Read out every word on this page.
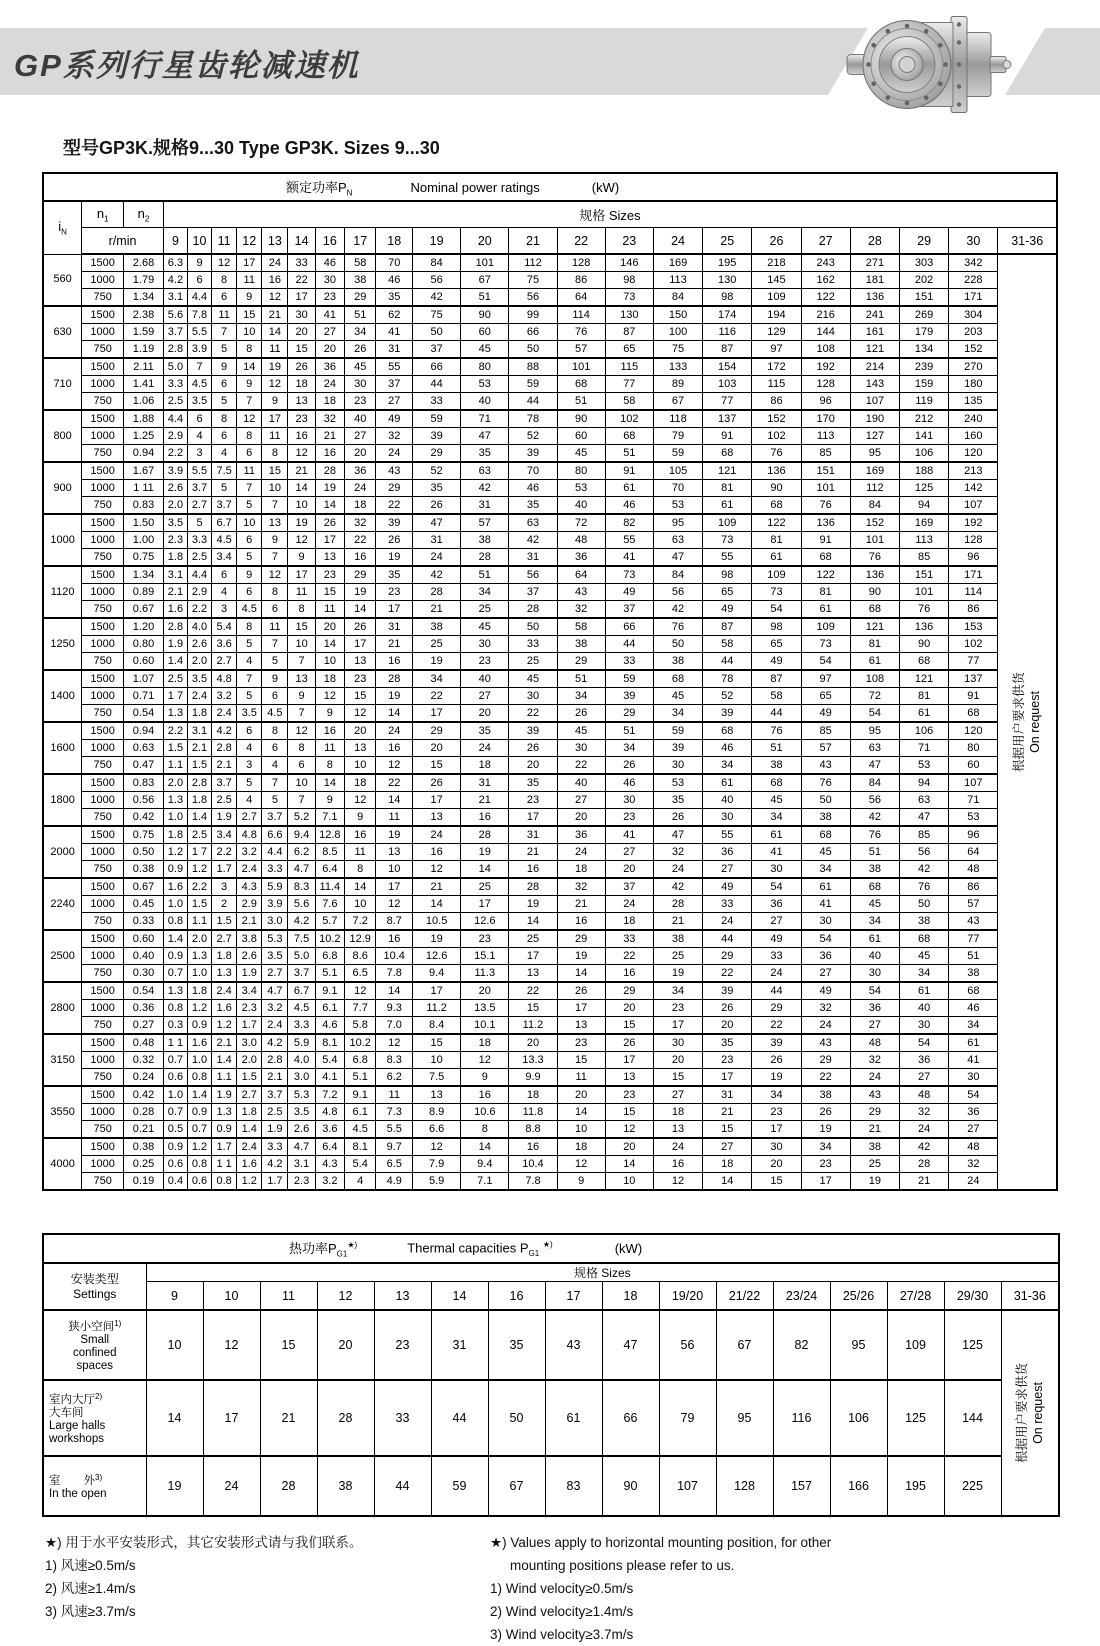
GP系列行星齿轮减速机
型号GP3K.规格9...30 Type GP3K. Sizes 9...30
额定功率$P_N$ Nominal power ratings (kW)																								

$i_N$	$n_1$	$n_2$	规格 Sizes																					
	r/min		9	10	11	12	13	14	16	17	18	19	20	21	22	23	24	25	26	27	28	29	30	31-36
560	1500	2.68	6.3	9	12	17	24	33	46	58	70	84	101	112	128	146	169	195	218	243	271	303	342	根据用户要求供货 On request

	1000	1.79	4.2	6	8	11	16	22	30	38	46	56	67	75	86	98	113	130	145	162	181	202	228	
	750	1.34	3.1	4.4	6	9	12	17	23	29	35	42	51	56	64	73	84	98	109	122	136	151	171	
630	1500	2.38	5.6	7.8	11	15	21	30	41	51	62	75	90	99	114	130	150	174	194	216	241	269	304	
	1000	1.59	3.7	5.5	7	10	14	20	27	34	41	50	60	66	76	87	100	116	129	144	161	179	203	
	750	1.19	2.8	3.9	5	8	11	15	20	26	31	37	45	50	57	65	75	87	97	108	121	134	152	
710	1500	2.11	5.0	7	9	14	19	26	36	45	55	66	80	88	101	115	133	154	172	192	214	239	270	
	1000	1.41	3.3	4.5	6	9	12	18	24	30	37	44	53	59	68	77	89	103	115	128	143	159	180	
	750	1.06	2.5	3.5	5	7	9	13	18	23	27	33	40	44	51	58	67	77	86	96	107	119	135	
800	1500	1.88	4.4	6	8	12	17	23	32	40	49	59	71	78	90	102	118	137	152	170	190	212	240	
	1000	1.25	2.9	4	6	8	11	16	21	27	32	39	47	52	60	68	79	91	102	113	127	141	160	
	750	0.94	2.2	3	4	6	8	12	16	20	24	29	35	39	45	51	59	68	76	85	95	106	120	
900	1500	1.67	3.9	5.5	7.5	11	15	21	28	36	43	52	63	70	80	91	105	121	136	151	169	188	213	
	1000	1 11	2.6	3.7	5	7	10	14	19	24	29	35	42	46	53	61	70	81	90	101	112	125	142	
	750	0.83	2.0	2.7	3.7	5	7	10	14	18	22	26	31	35	40	46	53	61	68	76	84	94	107	
1000	1500	1.50	3.5	5	6.7	10	13	19	26	32	39	47	57	63	72	82	95	109	122	136	152	169	192	
	1000	1.00	2.3	3.3	4.5	6	9	12	17	22	26	31	38	42	48	55	63	73	81	91	101	113	128	
	750	0.75	1.8	2.5	3.4	5	7	9	13	16	19	24	28	31	36	41	47	55	61	68	76	85	96	
1120	1500	1.34	3.1	4.4	6	9	12	17	23	29	35	42	51	56	64	73	84	98	109	122	136	151	171	
	1000	0.89	2.1	2.9	4	6	8	11	15	19	23	28	34	37	43	49	56	65	73	81	90	101	114	
	750	0.67	1.6	2.2	3	4.5	6	8	11	14	17	21	25	28	32	37	42	49	54	61	68	76	86	
1250	1500	1.20	2.8	4.0	5.4	8	11	15	20	26	31	38	45	50	58	66	76	87	98	109	121	136	153	
	1000	0.80	1.9	2.6	3.6	5	7	10	14	17	21	25	30	33	38	44	50	58	65	73	81	90	102	
	750	0.60	1.4	2.0	2.7	4	5	7	10	13	16	19	23	25	29	33	38	44	49	54	61	68	77	
1400	1500	1.07	2.5	3.5	4.8	7	9	13	18	23	28	34	40	45	51	59	68	78	87	97	108	121	137	
	1000	0.71	1 7	2.4	3.2	5	6	9	12	15	19	22	27	30	34	39	45	52	58	65	72	81	91	
	750	0.54	1.3	1.8	2.4	3.5	4.5	7	9	12	14	17	20	22	26	29	34	39	44	49	54	61	68	
1600	1500	0.94	2.2	3.1	4.2	6	8	12	16	20	24	29	35	39	45	51	59	68	76	85	95	106	120	
	1000	0.63	1.5	2.1	2.8	4	6	8	11	13	16	20	24	26	30	34	39	46	51	57	63	71	80	
	750	0.47	1.1	1.5	2.1	3	4	6	8	10	12	15	18	20	22	26	30	34	38	43	47	53	60	
1800	1500	0.83	2.0	2.8	3.7	5	7	10	14	18	22	26	31	35	40	46	53	61	68	76	84	94	107	
	1000	0.56	1.3	1.8	2.5	4	5	7	9	12	14	17	21	23	27	30	35	40	45	50	56	63	71	
	750	0.42	1.0	1.4	1.9	2.7	3.7	5.2	7.1	9	11	13	16	17	20	23	26	30	34	38	42	47	53	
2000	1500	0.75	1.8	2.5	3.4	4.8	6.6	9.4	12.8	16	19	24	28	31	36	41	47	55	61	68	76	85	96	
	1000	0.50	1.2	1 7	2.2	3.2	4.4	6.2	8.5	11	13	16	19	21	24	27	32	36	41	45	51	56	64	
	750	0.38	0.9	1.2	1.7	2.4	3.3	4.7	6.4	8	10	12	14	16	18	20	24	27	30	34	38	42	48	
2240	1500	0.67	1.6	2.2	3	4.3	5.9	8.3	11.4	14	17	21	25	28	32	37	42	49	54	61	68	76	86	
	1000	0.45	1.0	1.5	2	2.9	3.9	5.6	7.6	10	12	14	17	19	21	24	28	33	36	41	45	50	57	
	750	0.33	0.8	1.1	1.5	2.1	3.0	4.2	5.7	7.2	8.7	10.5	12.6	14	16	18	21	24	27	30	34	38	43	
2500	1500	0.60	1.4	2.0	2.7	3.8	5.3	7.5	10.2	12.9	16	19	23	25	29	33	38	44	49	54	61	68	77	
	1000	0.40	0.9	1.3	1.8	2.6	3.5	5.0	6.8	8.6	10.4	12.6	15.1	17	19	22	25	29	33	36	40	45	51	
	750	0.30	0.7	1.0	1.3	1.9	2.7	3.7	5.1	6.5	7.8	9.4	11.3	13	14	16	19	22	24	27	30	34	38	
2800	1500	0.54	1.3	1.8	2.4	3.4	4.7	6.7	9.1	12	14	17	20	22	26	29	34	39	44	49	54	61	68	
	1000	0.36	0.8	1.2	1.6	2.3	3.2	4.5	6.1	7.7	9.3	11.2	13.5	15	17	20	23	26	29	32	36	40	46	
	750	0.27	0.3	0.9	1.2	1.7	2.4	3.3	4.6	5.8	7.0	8.4	10.1	11.2	13	15	17	20	22	24	27	30	34	
3150	1500	0.48	1 1	1.6	2.1	3.0	4.2	5.9	8.1	10.2	12	15	18	20	23	26	30	35	39	43	48	54	61	
	1000	0.32	0.7	1.0	1.4	2.0	2.8	4.0	5.4	6.8	8.3	10	12	13.3	15	17	20	23	26	29	32	36	41	
	750	0.24	0.6	0.8	1.1	1.5	2.1	3.0	4.1	5.1	6.2	7.5	9	9.9	11	13	15	17	19	22	24	27	30	
3550	1500	0.42	1.0	1.4	1.9	2.7	3.7	5.3	7.2	9.1	11	13	16	18	20	23	27	31	34	38	43	48	54	
	1000	0.28	0.7	0.9	1.3	1.8	2.5	3.5	4.8	6.1	7.3	8.9	10.6	11.8	14	15	18	21	23	26	29	32	36	
	750	0.21	0.5	0.7	0.9	1.4	1.9	2.6	3.6	4.5	5.5	6.6	8	8.8	10	12	13	15	17	19	21	24	27	
4000	1500	0.38	0.9	1.2	1.7	2.4	3.3	4.7	6.4	8.1	9.7	12	14	16	18	20	24	27	30	34	38	42	48	
	1000	0.25	0.6	0.8	1 1	1.6	4.2	3.1	4.3	5.4	6.5	7.9	9.4	10.4	12	14	16	18	20	23	25	28	32	
	750	0.19	0.4	0.6	0.8	1.2	1.7	2.3	3.2	4	4.9	5.9	7.1	7.8	9	10	12	14	15	17	19	21	24	
热功率$P_{G1}^{★)}$ Thermal capacities $P_{G1}$ ★) (kW)																

安装类型
Settings	规格 Sizes															
	9	10	11	12	13	14	16	17	18	19/20	21/22	23/24	25/26	27/28	29/30	31-36

狭小空间$^{1)}$
Small
confined
spaces
	10	12	15	20	23	31	35	43	47	56	67	82	95	109	125	
根据用户要求供货 On request

室内大厅$^{2)}$
大车间
Large halls
workshops	14	17	21	28	33	44	50	61	66	79	95	116	106	125	144	

室　　外$^{3)}$
In the open	19	24	28	38	44	59	67	83	90	107	128	157	166	195	225	
★) 用于水平安装形式，其它安装形式请与我们联系。
1) 风速≥0.5m/s
2) 风速≥1.4m/s
3) 风速≥3.7m/s
★) Values apply to horizontal mounting position, for other
mounting positions please refer to us.
1) Wind velocity≥0.5m/s
2) Wind velocity≥1.4m/s
3) Wind velocity≥3.7m/s
